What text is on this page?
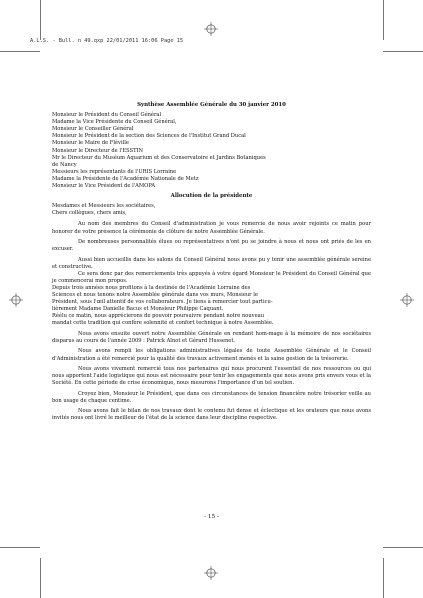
A.L.S. - Bull. n 49.qxp 22/01/2011 16:06 Page 15
Synthèse Assemblée Générale du 30 janvier 2010
Monsieur le Président du Conseil Général
Madame la Vice Présidente du Conseil Général,
Monsieur le Conseiller Général
Monsieur le Président de la section des Sciences de l'Institut Grand Ducal
Monsieur le Maire de Fléville
Monsieur le Directeur de l'ESSTIN
Mr le Directeur du Muséum Aquarium et des Conservatoire et Jardins Botaniques
de Nancy
Messieurs les représentants de l'URIS Lorraine
Madame la Présidente de l'Académie Nationale de Metz
Monsieur le Vice Président de l'AMOPA
Allocution de la présidente
Mesdames et Messieurs les sociétaires,
Chers collègues, chers amis,

Au nom des membres du Conseil d'administration je vous remercie de nous avoir rejoints ce matin pour honorer de votre présence la cérémonie de clôture de notre Assemblée Générale.

De nombreuses personnalités élues ou représentatives n'ont pu se joindre à nous et nous ont priés de les en excuser.

Aussi bien accueillis dans les salons du Conseil Général nous avons pu y tenir une assemblée générale sereine et constructive.

Ce sera donc par des remerciements très appuyés à votre égard Monsieur le Président du Conseil Général que je commencerai mon propos.

Depuis trois années nous profitons à la destinée de l'Académie Lorraine des
Sciences et nous tenons notre Assemblée générale dans vos murs, Monsieur le
Président, sous l'œil attentif de vos collaborateurs. Je tiens à remercier tout particu-
lièrement Madame Danielle Bacus et Monsieur Philippe Caquant.
Réélu ce matin, nous apprécierons de pouvoir poursuivre pendant notre nouveau
mandat cette tradition qui confère solennité et confort technique à notre Assemblée.

Nous avons ensuite ouvert notre Assemblée Générale en rendant hom-mage à la mémoire de nos sociétaires disparus au cours de l'année 2009 : Patrick Alnot et Gérard Hussenet.

Nous avons rempli les obligations administratives légales de toute Assemblée Générale et le Conseil d'Administration a été remercié pour la qualité des travaux activement menés et la saine gestion de la trésorerie.

Nous avons vivement remercié tous nos partenaires qui nous procurent l'essentiel de nos ressources ou qui nous apportent l'aide logistique qui nous est nécessaire pour tenir les engagements que nous avons pris envers vous et la Société. En cette période de crise économique, nous mesurons l'importance d'un tel soutien.

Croyez bien, Monsieur le Président, que dans ces circonstances de tension financière notre trésorier veille au bon usage de chaque centime.

Nous avons fait le bilan de nos travaux dont le contenu fut dense et éclectique et les orateurs que nous avons invités nous ont livré le meilleur de l'état de la science dans leur discipline respective.

- 15 -
